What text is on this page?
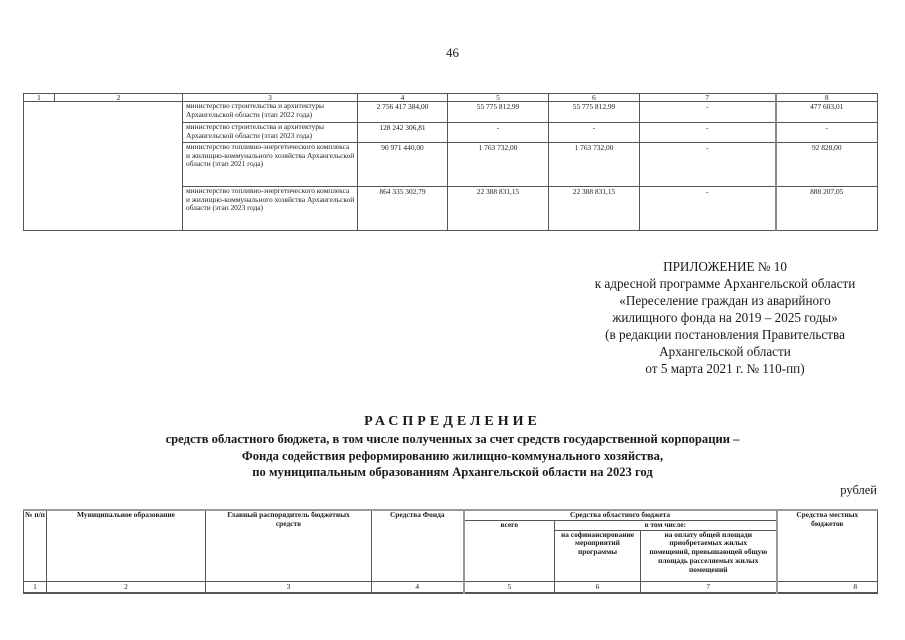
46
1	2	3	4	5	6	7	8
		министерство строительства и архитектуры Архангельской области (этап 2022 года)	2 756 417 384,00	55 775 812,99	55 775 812,99	-	477 603,01
		министерство строительства и архитектуры Архангельской области (этап 2023 года)	128 242 306,81	-	-	-	-
		министерство топливно-энергетического комплекса и жилищно-коммунального хозяйства Архангельской области (этап 2021 года)	90 971 440,00	1 763 732,00	1 763 732,00	-	92 828,00
		министерство топливно-энергетического комплекса и жилищно-коммунального хозяйства Архангельской области (этап 2023 года)	864 335 302,79	22 388 831,15	22 388 831,15	-	888 207,05
ПРИЛОЖЕНИЕ № 10
к адресной программе Архангельской области
«Переселение граждан из аварийного
жилищного фонда на 2019 – 2025 годы»
(в редакции постановления Правительства
Архангельской области
от 5 марта 2021 г. № 110-пп)
РАСПРЕДЕЛЕНИЕ
средств областного бюджета, в том числе полученных за счет средств государственной корпорации –
Фонда содействия реформированию жилищно-коммунального хозяйства,
по муниципальным образованиям Архангельской области на 2023 год
рублей
№ п/п	Муниципальное образование	Главный распорядитель бюджетных средств	Средства Фонда	Средства областного бюджета			Средства местных бюджетов
				всего	в том числе:		
					на софинансирование мероприятий программы	на оплату общей площади приобретаемых жилых помещений, превышающей общую площадь расселяемых жилых помещений	
1	2	3	4	5	6	7	8
